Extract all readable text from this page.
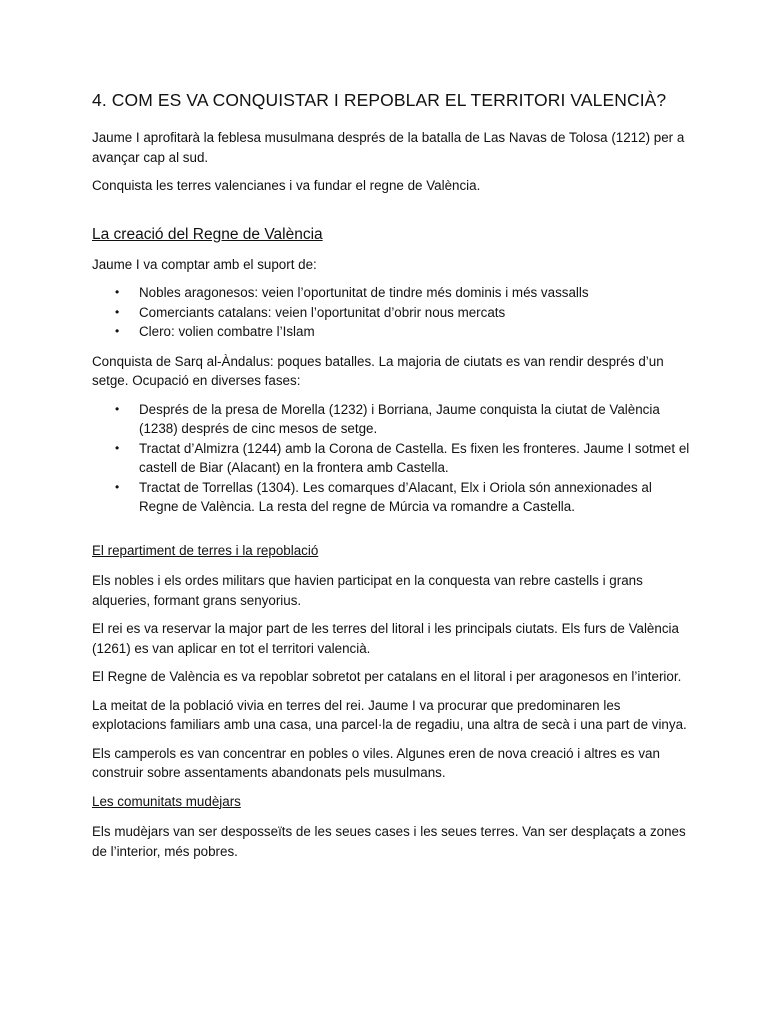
4. COM ES VA CONQUISTAR I REPOBLAR EL TERRITORI VALENCIÀ?

Jaume I aprofitarà la feblesa musulmana després de la batalla de Las Navas de Tolosa (1212) per a avançar cap al sud.

Conquista les terres valencianes i va fundar el regne de València.

La creació del Regne de València

Jaume I va comptar amb el suport de:

• Nobles aragonesos: veien l’oportunitat de tindre més dominis i més vassalls
• Comerciants catalans: veien l’oportunitat d’obrir nous mercats
• Clero: volien combatre l’Islam

Conquista de Sarq al-Àndalus: poques batalles. La majoria de ciutats es van rendir després d’un setge. Ocupació en diverses fases:

• Després de la presa de Morella (1232) i Borriana, Jaume conquista la ciutat de València (1238) després de cinc mesos de setge.
• Tractat d’Almizra (1244) amb la Corona de Castella. Es fixen les fronteres. Jaume I sotmet el castell de Biar (Alacant) en la frontera amb Castella.
• Tractat de Torrellas (1304). Les comarques d’Alacant, Elx i Oriola són annexionades al Regne de València. La resta del regne de Múrcia va romandre a Castella.
El repartiment de terres i la repoblació

Els nobles i els ordes militars que havien participat en la conquesta van rebre castells i grans alqueries, formant grans senyorius.

El rei es va reservar la major part de les terres del litoral i les principals ciutats. Els furs de València (1261) es van aplicar en tot el territori valencià.

El Regne de València es va repoblar sobretot per catalans en el litoral i per aragonesos en l’interior.

La meitat de la població vivia en terres del rei. Jaume I va procurar que predominaren les explotacions familiars amb una casa, una parcel·la de regadiu, una altra de secà i una part de vinya.

Els camperols es van concentrar en pobles o viles. Algunes eren de nova creació i altres es van construir sobre assentaments abandonats pels musulmans.

Les comunitats mudèjars

Els mudèjars van ser desposseïts de les seues cases i les seues terres. Van ser desplaçats a zones de l’interior, més pobres.
